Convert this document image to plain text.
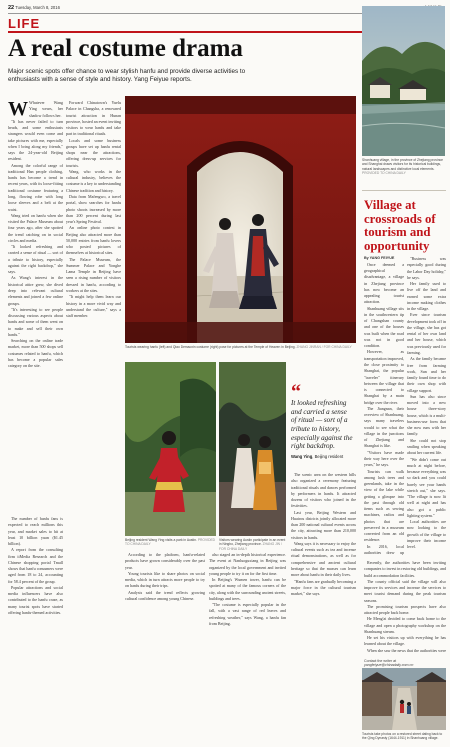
22 Tuesday, March 8, 2016
LIFE
A real costume drama

Major scenic spots offer chance to wear stylish hanfu and provide diverse activities to enthusiasts with a sense of style and history. Yang Feiyue reports.

Shanhuang village, in the province of Zhejiang province and Shanghai draws visitors for its historical buildings, natural landscapes and distinctive local elements. PROVIDED TO CHINA DAILY
Village at crossroads of tourism and opportunity

W Whatever Wang Ying wears, her shadow follows her.

"It has never failed to turn heads, and some enthusiasts strangers would even come and take pictures with me, especially when I bring along my friends," says the 24-year-old Beijing resident.

Among the colorful range of traditional Han people clothing, hanfu has become a trend in recent years, with its loose-fitting traditional costume featuring a long, flowing robe with long loose sleeves and a belt at the waist.

Wang tried on hanfu when she visited the Palace Museum about four years ago, after she spotted the trend catching on in social circles and media.

"It looked refreshing and carried a sense of ritual — sort of a tribute to history, especially against the right backdrop," she says.

As Wang's interest in the historical attire grew, she dived deep into relevant cultural elements and joined a few online groups.

"It's interesting to see people discussing various aspects about hanfu and some of them went on to make and sell their own hanfu."

Searching on the online trade market, more than 500 shops sell costumes related to hanfu, which has become a popular sales category on the site.

The number of hanfu fans is expected to reach millions this year, and market sales to hit at least 10 billion yuan ($1.45 billion).

A report from the consulting firm iiMedia Research and the Chinese shopping portal Tmall shows that hanfu consumers were aged from 18 to 24, accounting for 58.4 percent of the group.

Popular attractions and social media influencers have also contributed to the hanfu craze, as many tourist spots have started offering hanfu-themed activities.

Forward Chinatown's Yuelu Palace in Changsha, a renowned tourist attraction in Hunan province, hosted an event inviting visitors to wear hanfu and take part in traditional rituals.

Locals and some business groups have set up hanfu rental shops near the attractions, offering dress-up services for tourists.

Wang, who works in the cultural industry, believes the costume is a key to understanding Chinese tradition and history.

Data from Mafengwo, a travel portal, show searches for hanfu photo shoots increased by more than 200 percent during last year's Spring Festival.

An online photo contest in Beijing also attracted more than 50,000 entries from hanfu lovers who posted pictures of themselves at historical sites.

The Palace Museum, the Summer Palace and Yonghe Lama Temple in Beijing have seen a rising number of visitors dressed in hanfu, according to workers at the sites.

"It might help them learn our history in a more vivid way and understand the culture," says a staff member.

Tourists wearing hanfu (left) and Qiao Demaoxin costume (right) pose for pictures at the Temple of Heaven in Beijing. ZHANG JINRAN / FOR CHINA DAILY
Beijing resident Wang Ying visits a park in Austin. PROVIDED TO CHINA DAILY
Visitors wearing Austin participate in an event in Ningbo, Zhejiang province. ZHANG JIN / FOR CHINA DAILY
“

It looked refreshing and carried a sense of ritual — sort of a tribute to history, especially against the right backdrop.

Wang Ying, Beijing resident

According to the platform, hanfu-related products have grown considerably over the past year.

Young tourists like to share photos on social media, which in turn attracts more people to try on hanfu during their trips.

Analysts said the trend reflects growing cultural confidence among young Chinese.

also staged an in-depth historical experience. The event at Nanluoguxiang in Beijing was organized by the local government and invited young people to try it on for the first time.

In Beijing's Wumen tower, hanfu can be spotted at many of the famous corners of the city, along with the surrounding ancient streets, buildings and trees.

"The costume is especially popular in the fall, with a vast range of red leaves and refreshing weather," says Wang, a hanfu fan from Beijing.

The scenic area on the western hills also organized a ceremony featuring traditional rituals and dances performed by performers in hanfu. It attracted dozens of visitors who joined in the festivities.

Last year, Beijing Western and Huairou districts jointly allocated more than 200 national cultural events across the city, attracting more than 210,000 visitors in hanfu.

Wang says it is necessary to enjoy the cultural events such as tea and incense ritual demonstrations, as well as for comprehensive and ancient cultural heritage so that the masses can learn more about hanfu in their daily lives.

"Hanfu fans are gradually becoming a major force in the cultural tourism market," she says.

By YANG FEIYUE

Once deemed a geographical disadvantage, a village in Zhejiang province has now become an appealing tourist attraction.

Shanhuang village sits in the southwestern tip of Changshan county and one of the houses was built when the road was not in good condition.

However, as transportation improved, the close proximity to Shanghai, the popular "traveler" itinerary between the village that is connected to Shanghai by a main bridge over the river.

The Jiangnan, their overview of Shanhuang, says many travelers would to see what the village in the junctions of Zhejiang and Shanghai is like.

"Visitors have made their way here over the years," he says.

Tourists can walk among lush trees and greenlands, take in the view of the lake while getting a glimpse into the past through old items such as sewing machines, radios and photos that are preserved in a museum converted from an old residence.

In 2016, local authorities drew up

"Business was especially good during the Labor Day holiday," he says.

Her family used to live off the land and earned some extra income making clothes in the village.

Ever since tourism development took off in the village, she has got rental of her own land and her house, which was previously used for farming.

As the family became free from farming work, Sun and her family found time to do their own shop with village support.

Sun has also since moved into a new house three-story house, which is a multi-business-use form that she now runs with her family.

She could not stop smiling when speaking about her current life.

"We didn't come out much at night before, because everything was so dark and you could barely see your hands stretch out," she says. "The village is now lit well at night and has also got a public lighting system."

Local authorities are now looking to the growth of the village to improve their income level.

Recently, the authorities have been inviting companies to invest in restoring old buildings, and build accommodation facilities.

The county official said the village will also improve its services and increase the services to meet tourist demand during the peak tourism seasons.

The promising tourism prospects have also attracted people back home.

He Meng'ai decided to come back home to the village and open a photography workshop on the Shanhuang stream.

He set his visitors up with everything he has learned about the village.

When she saw the news that the authorities were

Contact the writer at yangfeiyue@chinadaily.com.cn
Tourists take photos on a restored street dating back to the Qing Dynasty (1644-1911) in Shanhuang village.
